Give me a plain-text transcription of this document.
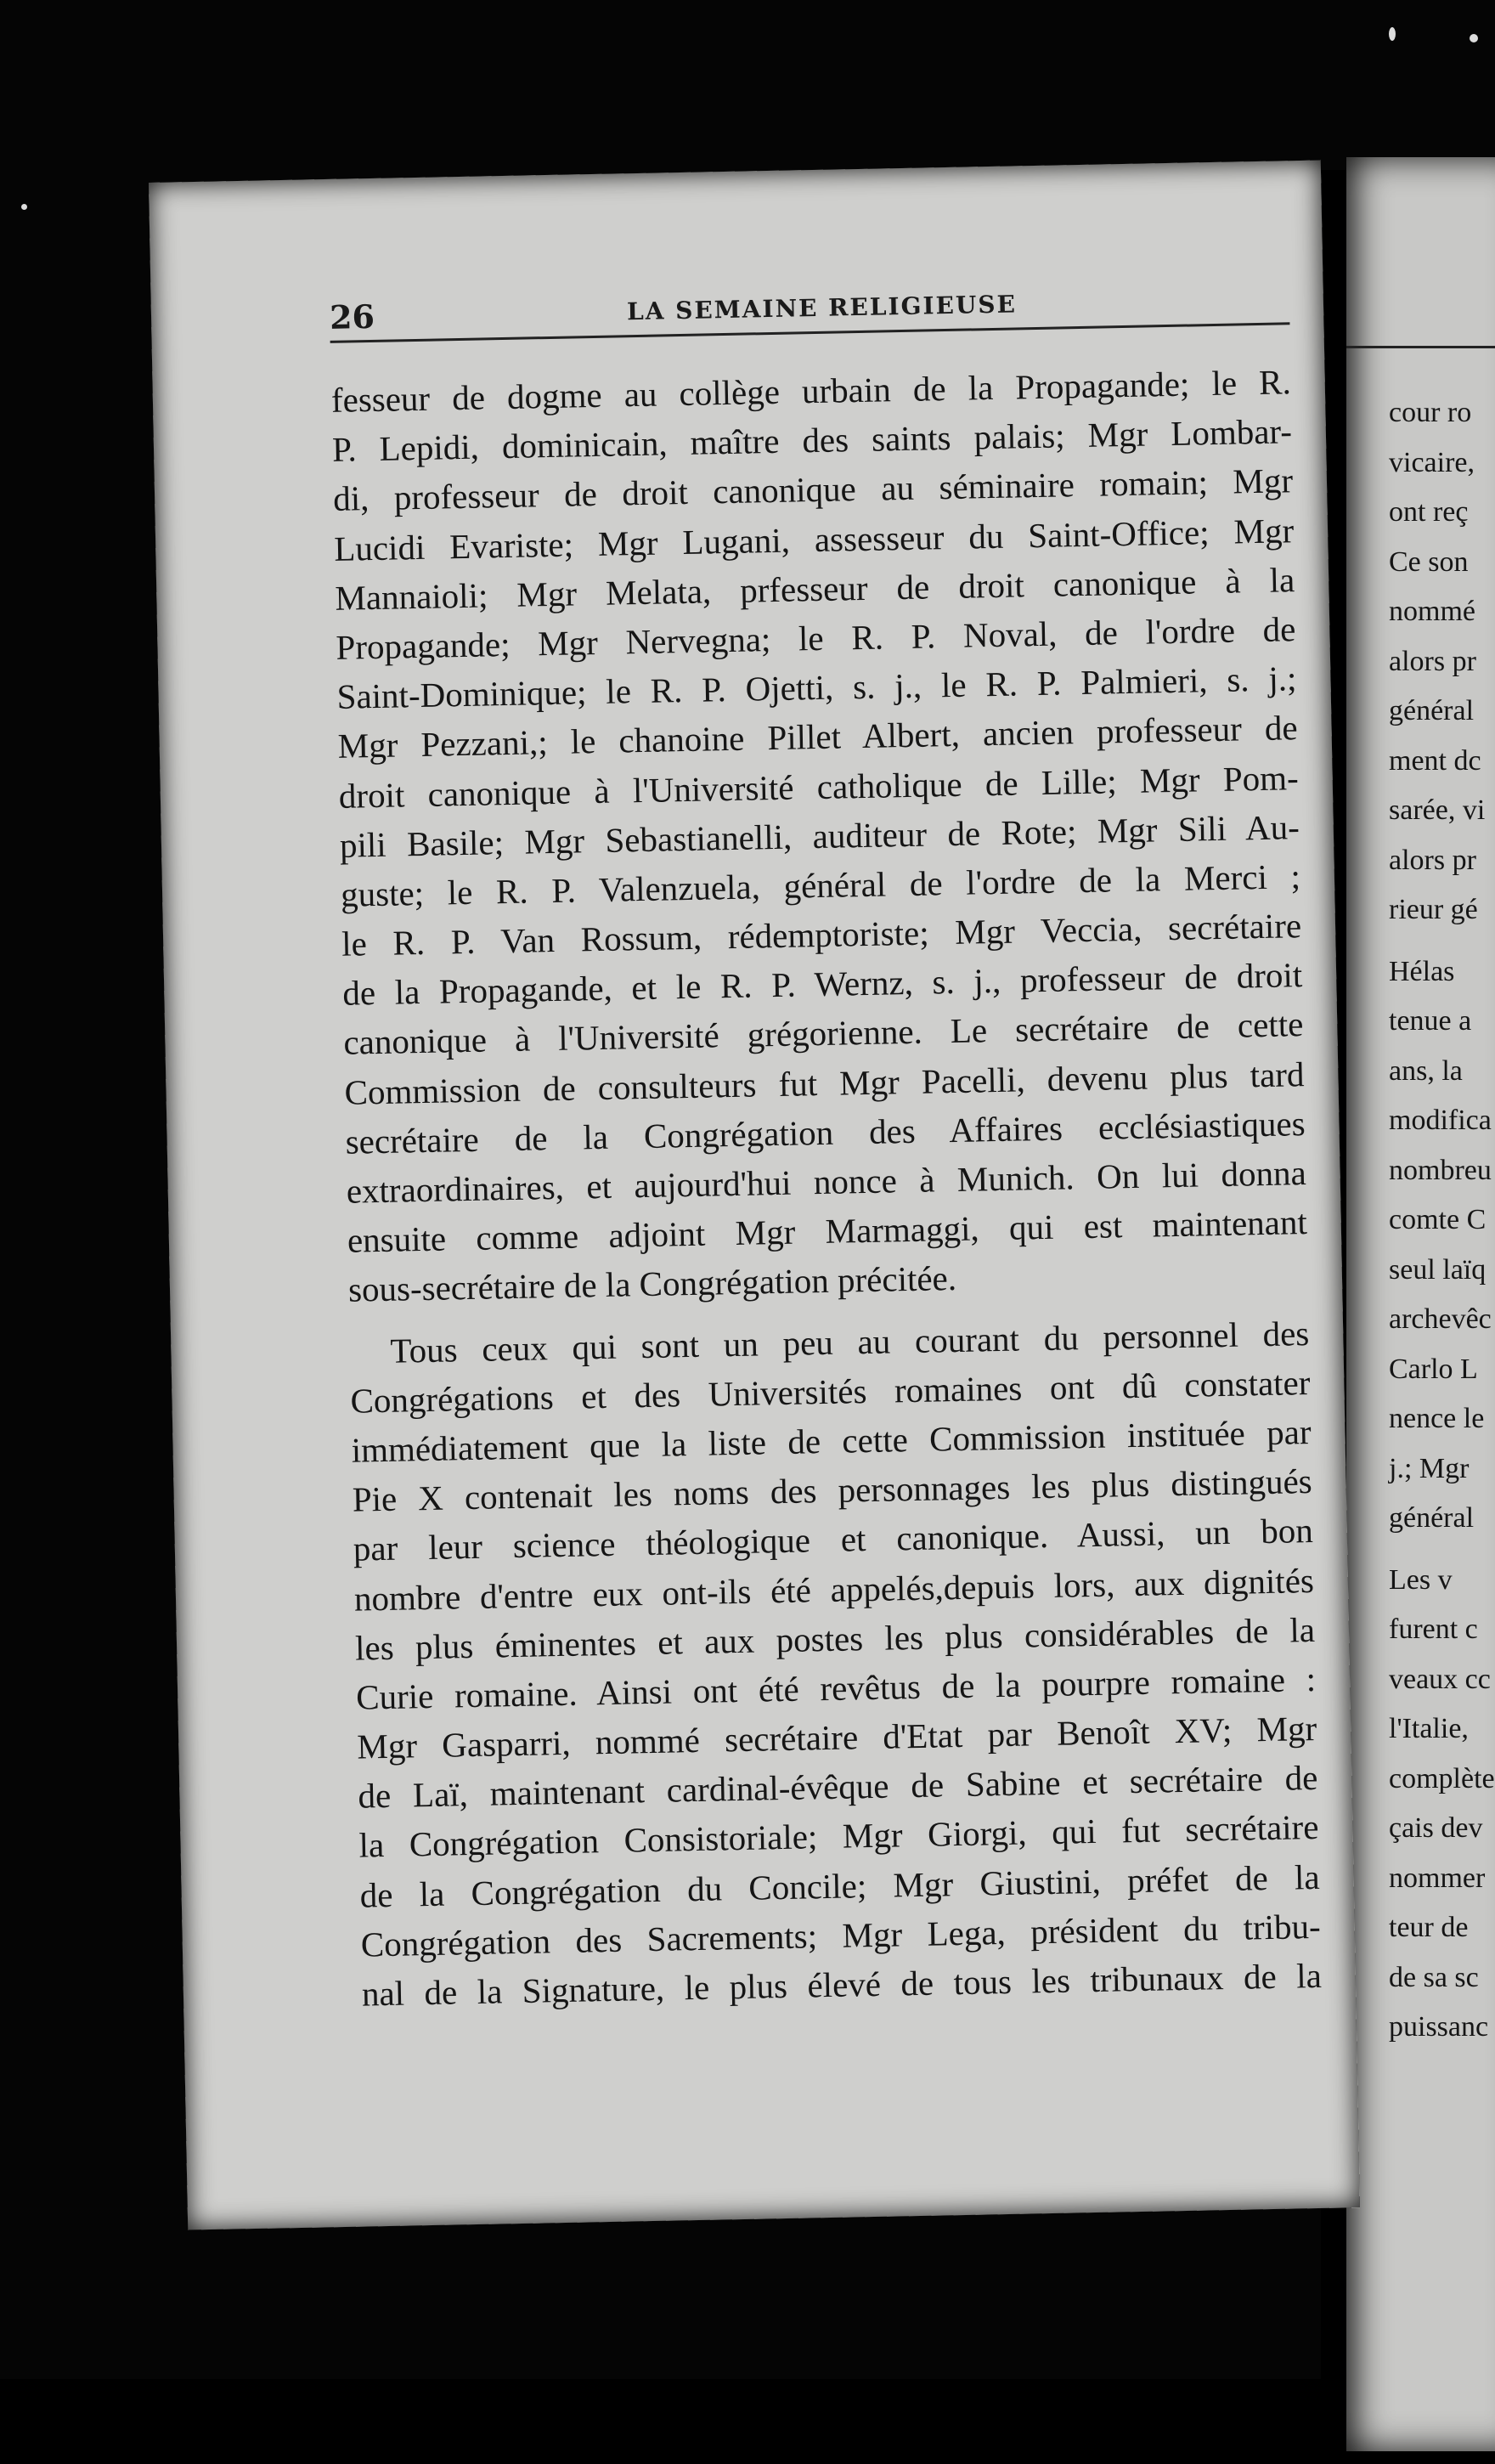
cour ro
vicaire,
ont reç
Ce son
nommé
alors pr
général
ment dc
sarée, vi
alors pr
rieur gé
Hélas
tenue a
ans, la
modifica
nombreu
comte C
seul laïq
archevêc
Carlo L
nence le
j.; Mgr
général
Les v
furent c
veaux cc
l'Italie,
complète
çais dev
nommer
teur de
de sa sc
puissanc
26	LA SEMAINE RELIGIEUSE

fesseur de dogme au collège urbain de la Propagande; le R.
P. Lepidi, dominicain, maître des saints palais; Mgr Lombar-
di, professeur de droit canonique au séminaire romain; Mgr
Lucidi Evariste; Mgr Lugani, assesseur du Saint-Office; Mgr
Mannaioli; Mgr Melata, prfesseur de droit canonique à la
Propagande; Mgr Nervegna; le R. P. Noval, de l'ordre de
Saint-Dominique; le R. P. Ojetti, s. j., le R. P. Palmieri, s. j.;
Mgr Pezzani,; le chanoine Pillet Albert, ancien professeur de
droit canonique à l'Université catholique de Lille; Mgr Pom-
pili Basile; Mgr Sebastianelli, auditeur de Rote; Mgr Sili Au-
guste; le R. P. Valenzuela, général de l'ordre de la Merci ;
le R. P. Van Rossum, rédemptoriste; Mgr Veccia, secrétaire
de la Propagande, et le R. P. Wernz, s. j., professeur de droit
canonique à l'Université grégorienne. Le secrétaire de cette
Commission de consulteurs fut Mgr Pacelli, devenu plus tard
secrétaire de la Congrégation des Affaires ecclésiastiques
extraordinaires, et aujourd'hui nonce à Munich. On lui donna
ensuite comme adjoint Mgr Marmaggi, qui est maintenant
sous-secrétaire de la Congrégation précitée.

Tous ceux qui sont un peu au courant du personnel des
Congrégations et des Universités romaines ont dû constater
immédiatement que la liste de cette Commission instituée par
Pie X contenait les noms des personnages les plus distingués
par leur science théologique et canonique. Aussi, un bon
nombre d'entre eux ont-ils été appelés,depuis lors, aux dignités
les plus éminentes et aux postes les plus considérables de la
Curie romaine. Ainsi ont été revêtus de la pourpre romaine :
Mgr Gasparri, nommé secrétaire d'Etat par Benoît XV; Mgr
de Laï, maintenant cardinal-évêque de Sabine et secrétaire de
la Congrégation Consistoriale; Mgr Giorgi, qui fut secrétaire
de la Congrégation du Concile; Mgr Giustini, préfet de la
Congrégation des Sacrements; Mgr Lega, président du tribu-
nal de la Signature, le plus élevé de tous les tribunaux de la
